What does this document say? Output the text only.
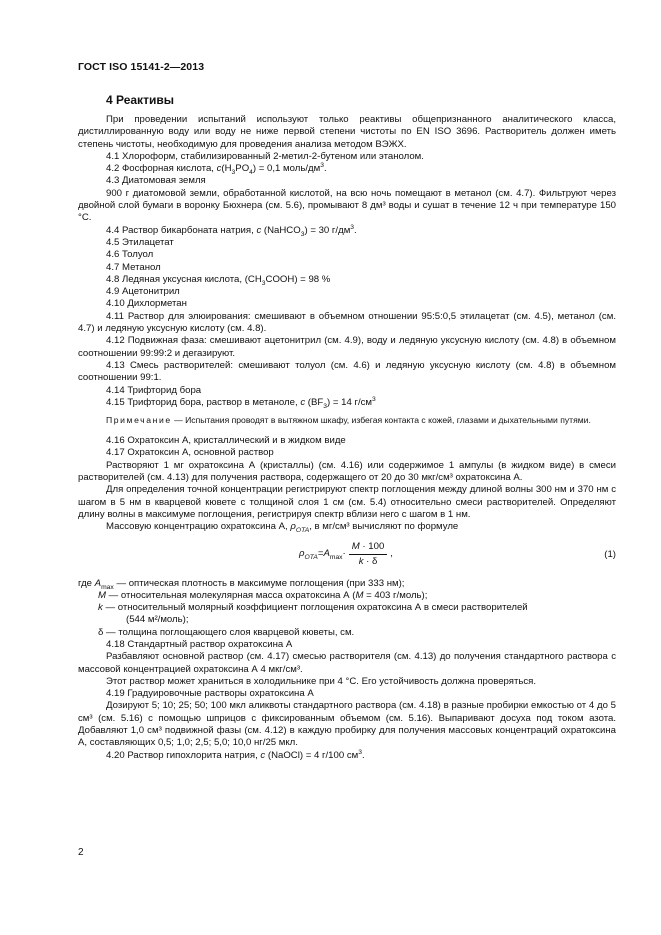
ГОСТ ISO 15141-2—2013
4 Реактивы

При проведении испытаний используют только реактивы общепризнанного аналитического класса, дистиллированную воду или воду не ниже первой степени чистоты по EN ISO 3696. Растворитель должен иметь степень чистоты, необходимую для проведения анализа методом ВЭЖХ.

4.1 Хлороформ, стабилизированный 2-метил-2-бутеном или этанолом.

4.2 Фосфорная кислота, $c(H_3PO_4) = 0,1$ моль/$дм^3$.

4.3 Диатомовая земля

900 г диатомовой земли, обработанной кислотой, на всю ночь помещают в метанол (см. 4.7). Фильтруют через двойной слой бумаги в воронку Бюхнера (см. 5.6), промывают 8 дм³ воды и сушат в течение 12 ч при температуре 150 °С.

4.4 Раствор бикарбоната натрия, c (NaHCO$_3$) = 30 $г/дм^3$.

4.5 Этилацетат

4.6 Толуол

4.7 Метанол

4.8 Ледяная уксусная кислота, $(CH_3COOH) = 98$ %

4.9 Ацетонитрил

4.10 Дихлорметан

4.11 Раствор для элюирования: смешивают в объемном отношении 95:5:0,5 этилацетат (см. 4.5), метанол (см. 4.7) и ледяную уксусную кислоту (см. 4.8).

4.12 Подвижная фаза: смешивают ацетонитрил (см. 4.9), воду и ледяную уксусную кислоту (см. 4.8) в объемном соотношении 99:99:2 и дегазируют.

4.13 Смесь растворителей: смешивают толуол (см. 4.6) и ледяную уксусную кислоту (см. 4.8) в объемном соотношении 99:1.

4.14 Трифторид бора

4.15 Трифторид бора, раствор в метаноле, c $(BF_3) = 14$ $г/см^3$

Примечание — Испытания проводят в вытяжном шкафу, избегая контакта с кожей, глазами и дыхательными путями.

4.16 Охратоксин А, кристаллический и в жидком виде

4.17 Охратоксин А, основной раствор

Растворяют 1 мг охратоксина А (кристаллы) (см. 4.16) или содержимое 1 ампулы (в жидком виде) в смеси растворителей (см. 4.13) для получения раствора, содержащего от 20 до 30 мкг/см³ охратоксина А.

Для определения точной концентрации регистрируют спектр поглощения между длиной волны 300 нм и 370 нм с шагом в 5 нм в кварцевой кювете с толщиной слоя 1 см (см. 5.4) относительно смеси растворителей. Определяют длину волны в максимуме поглощения, регистрируя спектр вблизи него с шагом в 1 нм.

Массовую концентрацию охратоксина А, $\rho_{OTA}$, в мг/см³ вычисляют по формуле

$\rho_{OTA} = A_{max} \cdot \frac{M \cdot 100}{k \cdot \delta}$ ,	(1)

где $A_{max}$ — оптическая плотность в максимуме поглощения (при 333 нм);

M — относительная молекулярная масса охратоксина А (M = 403 г/моль);
k — относительный молярный коэффициент поглощения охратоксина А в смеси растворителей

(544 м²/моль);

δ — толщина поглощающего слоя кварцевой кюветы, см.

4.18 Стандартный раствор охратоксина А

Разбавляют основной раствор (см. 4.17) смесью растворителя (см. 4.13) до получения стандартного раствора с массовой концентрацией охратоксина А 4 мкг/см³.

Этот раствор может храниться в холодильнике при 4 °С. Его устойчивость должна проверяться.

4.19 Градуировочные растворы охратоксина А

Дозируют 5; 10; 25; 50; 100 мкл аликвоты стандартного раствора (см. 4.18) в разные пробирки емкостью от 4 до 5 см³ (см. 5.16) с помощью шприцов с фиксированным объемом (см. 5.16). Выпаривают досуха под током азота. Добавляют 1,0 см³ подвижной фазы (см. 4.12) в каждую пробирку для получения массовых концентраций охратоксина А, составляющих 0,5; 1,0; 2,5; 5,0; 10,0 нг/25 мкл.

4.20 Раствор гипохлорита натрия, c (NaOCl) = 4 г/100 $см^3$.

2
